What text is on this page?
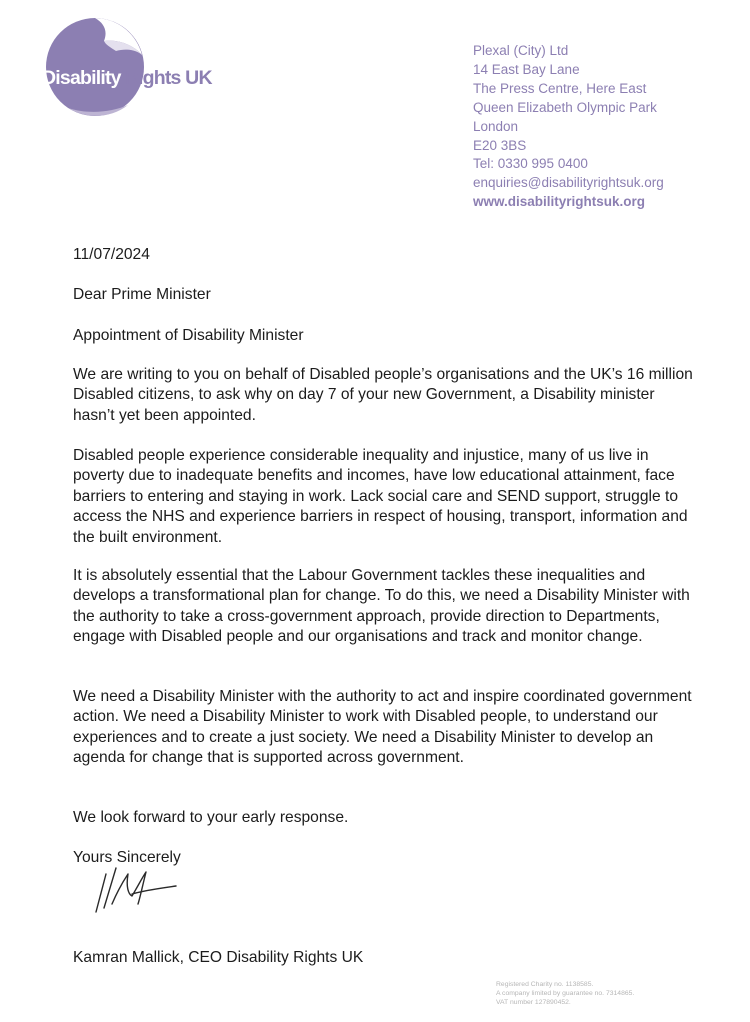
Disability Rights UK
Plexal (City) Ltd
14 East Bay Lane
The Press Centre, Here East
Queen Elizabeth Olympic Park
London
E20 3BS
Tel: 0330 995 0400
enquiries@disabilityrightsuk.org
www.disabilityrightsuk.org

11/07/2024

Dear Prime Minister

Appointment of Disability Minister

We are writing to you on behalf of Disabled people’s organisations and the UK’s 16 million Disabled citizens, to ask why on day 7 of your new Government, a Disability minister hasn’t yet been appointed.

Disabled people experience considerable inequality and injustice, many of us live in poverty due to inadequate benefits and incomes, have low educational attainment, face barriers to entering and staying in work. Lack social care and SEND support, struggle to access the NHS and experience barriers in respect of housing, transport, information and the built environment.

It is absolutely essential that the Labour Government tackles these inequalities and develops a transformational plan for change. To do this, we need a Disability Minister with the authority to take a cross-government approach, provide direction to Departments, engage with Disabled people and our organisations and track and monitor change.

We need a Disability Minister with the authority to act and inspire coordinated government action. We need a Disability Minister to work with Disabled people, to understand our experiences and to create a just society. We need a Disability Minister to develop an agenda for change that is supported across government.

We look forward to your early response.

Yours Sincerely

Kamran Mallick, CEO Disability Rights UK

Registered Charity no. 1138585.
A company limited by guarantee no. 7314865.
VAT number 127890452.
